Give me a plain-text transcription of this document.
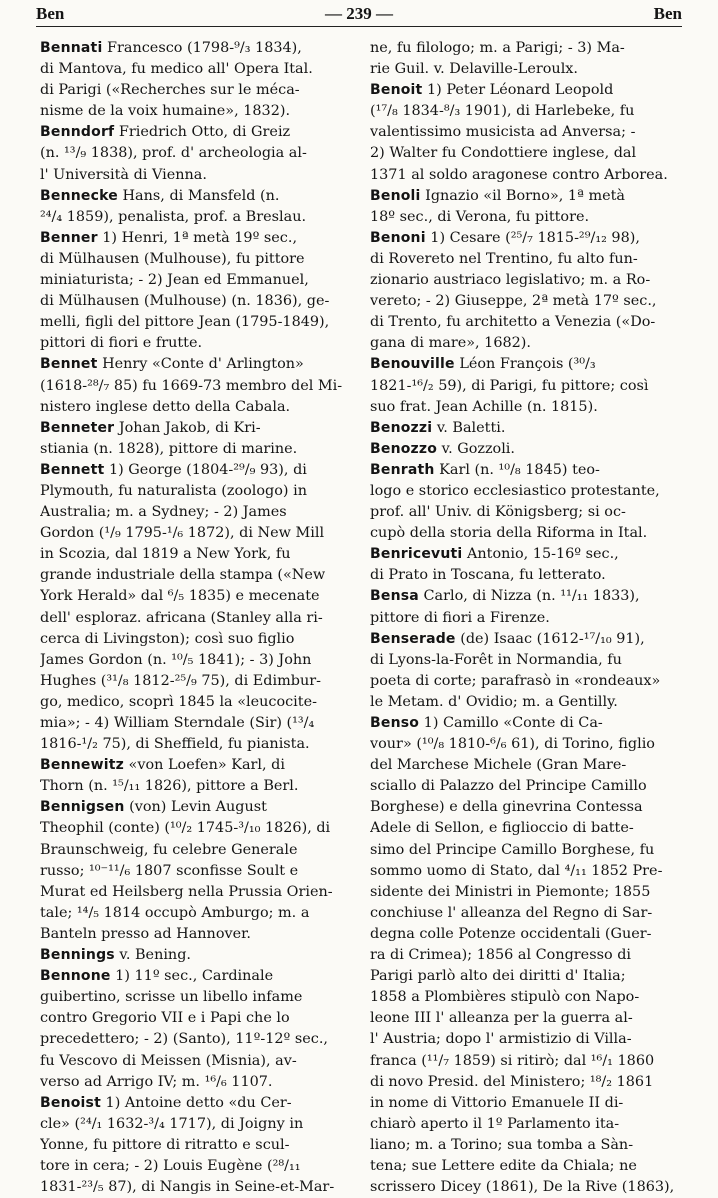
Ben	— 239 —	Ben
Bennati Francesco (1798-⁹/₃ 1834),
di Mantova, fu medico all' Opera Ital.
di Parigi («Recherches sur le méca-
nisme de la voix humaine», 1832).
Benndorf Friedrich Otto, di Greiz
(n. ¹³/₉ 1838), prof. d' archeologia al-
l' Università di Vienna.
Bennecke Hans, di Mansfeld (n.
²⁴/₄ 1859), penalista, prof. a Breslau.
Benner 1) Henri, 1ª metà 19º sec.,
di Mülhausen (Mulhouse), fu pittore
miniaturista; - 2) Jean ed Emmanuel,
di Mülhausen (Mulhouse) (n. 1836), ge-
melli, figli del pittore Jean (1795-1849),
pittori di fiori e frutte.
Bennet Henry «Conte d' Arlington»
(1618-²⁸/₇ 85) fu 1669-73 membro del Mi-
nistero inglese detto della Cabala.
Benneter Johan Jakob, di Kri-
stiania (n. 1828), pittore di marine.
Bennett 1) George (1804-²⁹/₉ 93), di
Plymouth, fu naturalista (zoologo) in
Australia; m. a Sydney; - 2) James
Gordon (¹/₉ 1795-¹/₆ 1872), di New Mill
in Scozia, dal 1819 a New York, fu
grande industriale della stampa («New
York Herald» dal ⁶/₅ 1835) e mecenate
dell' esploraz. africana (Stanley alla ri-
cerca di Livingston); così suo figlio
James Gordon (n. ¹⁰/₅ 1841); - 3) John
Hughes (³¹/₈ 1812-²⁵/₉ 75), di Edimbur-
go, medico, scoprì 1845 la «leucocite-
mia»; - 4) William Sterndale (Sir) (¹³/₄
1816-¹/₂ 75), di Sheffield, fu pianista.
Bennewitz «von Loefen» Karl, di
Thorn (n. ¹⁵/₁₁ 1826), pittore a Berl.
Bennigsen (von) Levin August
Theophil (conte) (¹⁰/₂ 1745-³/₁₀ 1826), di
Braunschweig, fu celebre Generale
russo; ¹⁰⁻¹¹/₆ 1807 sconfisse Soult e
Murat ed Heilsberg nella Prussia Orien-
tale; ¹⁴/₅ 1814 occupò Amburgo; m. a
Banteln presso ad Hannover.
Bennings v. Bening.
Bennone 1) 11º sec., Cardinale
guibertino, scrisse un libello infame
contro Gregorio VII e i Papi che lo
precedettero; - 2) (Santo), 11º-12º sec.,
fu Vescovo di Meissen (Misnia), av-
verso ad Arrigo IV; m. ¹⁶/₆ 1107.
Benoist 1) Antoine detto «du Cer-
cle» (²⁴/₁ 1632-³/₄ 1717), di Joigny in
Yonne, fu pittore di ritratto e scul-
tore in cera; - 2) Louis Eugène (²⁸/₁₁
1831-²³/₅ 87), di Nangis in Seine-et-Mar-
ne, fu filologo; m. a Parigi; - 3) Ma-
rie Guil. v. Delaville-Leroulx.
Benoit 1) Peter Léonard Leopold
(¹⁷/₈ 1834-⁸/₃ 1901), di Harlebeke, fu
valentissimo musicista ad Anversa; -
2) Walter fu Condottiere inglese, dal
1371 al soldo aragonese contro Arborea.
Benoli Ignazio «il Borno», 1ª metà
18º sec., di Verona, fu pittore.
Benoni 1) Cesare (²⁵/₇ 1815-²⁹/₁₂ 98),
di Rovereto nel Trentino, fu alto fun-
zionario austriaco legislativo; m. a Ro-
vereto; - 2) Giuseppe, 2ª metà 17º sec.,
di Trento, fu architetto a Venezia («Do-
gana di mare», 1682).
Benouville Léon François (³⁰/₃
1821-¹⁶/₂ 59), di Parigi, fu pittore; così
suo frat. Jean Achille (n. 1815).
Benozzi v. Baletti.
Benozzo v. Gozzoli.
Benrath Karl (n. ¹⁰/₈ 1845) teo-
logo e storico ecclesiastico protestante,
prof. all' Univ. di Königsberg; si oc-
cupò della storia della Riforma in Ital.
Benricevuti Antonio, 15-16º sec.,
di Prato in Toscana, fu letterato.
Bensa Carlo, di Nizza (n. ¹¹/₁₁ 1833),
pittore di fiori a Firenze.
Benserade (de) Isaac (1612-¹⁷/₁₀ 91),
di Lyons-la-Forêt in Normandia, fu
poeta di corte; parafrasò in «rondeaux»
le Metam. d' Ovidio; m. a Gentilly.
Benso 1) Camillo «Conte di Ca-
vour» (¹⁰/₈ 1810-⁶/₆ 61), di Torino, figlio
del Marchese Michele (Gran Mare-
sciallo di Palazzo del Principe Camillo
Borghese) e della ginevrina Contessa
Adele di Sellon, e figlioccio di batte-
simo del Principe Camillo Borghese, fu
sommo uomo di Stato, dal ⁴/₁₁ 1852 Pre-
sidente dei Ministri in Piemonte; 1855
conchiuse l' alleanza del Regno di Sar-
degna colle Potenze occidentali (Guer-
ra di Crimea); 1856 al Congresso di
Parigi parlò alto dei diritti d' Italia;
1858 a Plombières stipulò con Napo-
leone III l' alleanza per la guerra al-
l' Austria; dopo l' armistizio di Villa-
franca (¹¹/₇ 1859) si ritirò; dal ¹⁶/₁ 1860
di novo Presid. del Ministero; ¹⁸/₂ 1861
in nome di Vittorio Emanuele II di-
chiarò aperto il 1º Parlamento ita-
liano; m. a Torino; sua tomba a Sàn-
tena; sue Lettere edite da Chiala; ne
scrissero Dicey (1861), De la Rive (1863),
